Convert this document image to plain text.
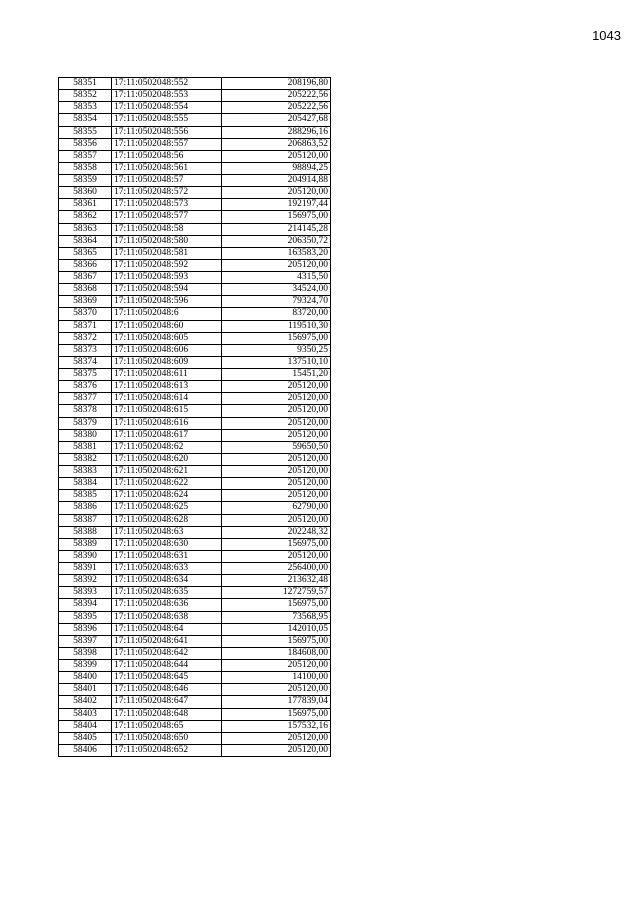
1043
58351	17:11:0502048:552	208196,80
58352	17:11:0502048:553	205222,56
58353	17:11:0502048:554	205222,56
58354	17:11:0502048:555	205427,68
58355	17:11:0502048:556	288296,16
58356	17:11:0502048:557	206863,52
58357	17:11:0502048:56	205120,00
58358	17:11:0502048:561	98894,25
58359	17:11:0502048:57	204914,88
58360	17:11:0502048:572	205120,00
58361	17:11:0502048:573	192197,44
58362	17:11:0502048:577	156975,00
58363	17:11:0502048:58	214145,28
58364	17:11:0502048:580	206350,72
58365	17:11:0502048:581	163583,20
58366	17:11:0502048:592	205120,00
58367	17:11:0502048:593	4315,50
58368	17:11:0502048:594	34524,00
58369	17:11:0502048:596	79324,70
58370	17:11:0502048:6	83720,00
58371	17:11:0502048:60	119510,30
58372	17:11:0502048:605	156975,00
58373	17:11:0502048:606	9350,25
58374	17:11:0502048:609	137510,10
58375	17:11:0502048:611	15451,20
58376	17:11:0502048:613	205120,00
58377	17:11:0502048:614	205120,00
58378	17:11:0502048:615	205120,00
58379	17:11:0502048:616	205120,00
58380	17:11:0502048:617	205120,00
58381	17:11:0502048:62	59650,50
58382	17:11:0502048:620	205120,00
58383	17:11:0502048:621	205120,00
58384	17:11:0502048:622	205120,00
58385	17:11:0502048:624	205120,00
58386	17:11:0502048:625	62790,00
58387	17:11:0502048:628	205120,00
58388	17:11:0502048:63	202248,32
58389	17:11:0502048:630	156975,00
58390	17:11:0502048:631	205120,00
58391	17:11:0502048:633	256400,00
58392	17:11:0502048:634	213632,48
58393	17:11:0502048:635	1272759,57
58394	17:11:0502048:636	156975,00
58395	17:11:0502048:638	73568,95
58396	17:11:0502048:64	142010,05
58397	17:11:0502048:641	156975,00
58398	17:11:0502048:642	184608,00
58399	17:11:0502048:644	205120,00
58400	17:11:0502048:645	14100,00
58401	17:11:0502048:646	205120,00
58402	17:11:0502048:647	177839,04
58403	17:11:0502048:648	156975,00
58404	17:11:0502048:65	157532,16
58405	17:11:0502048:650	205120,00
58406	17:11:0502048:652	205120,00
